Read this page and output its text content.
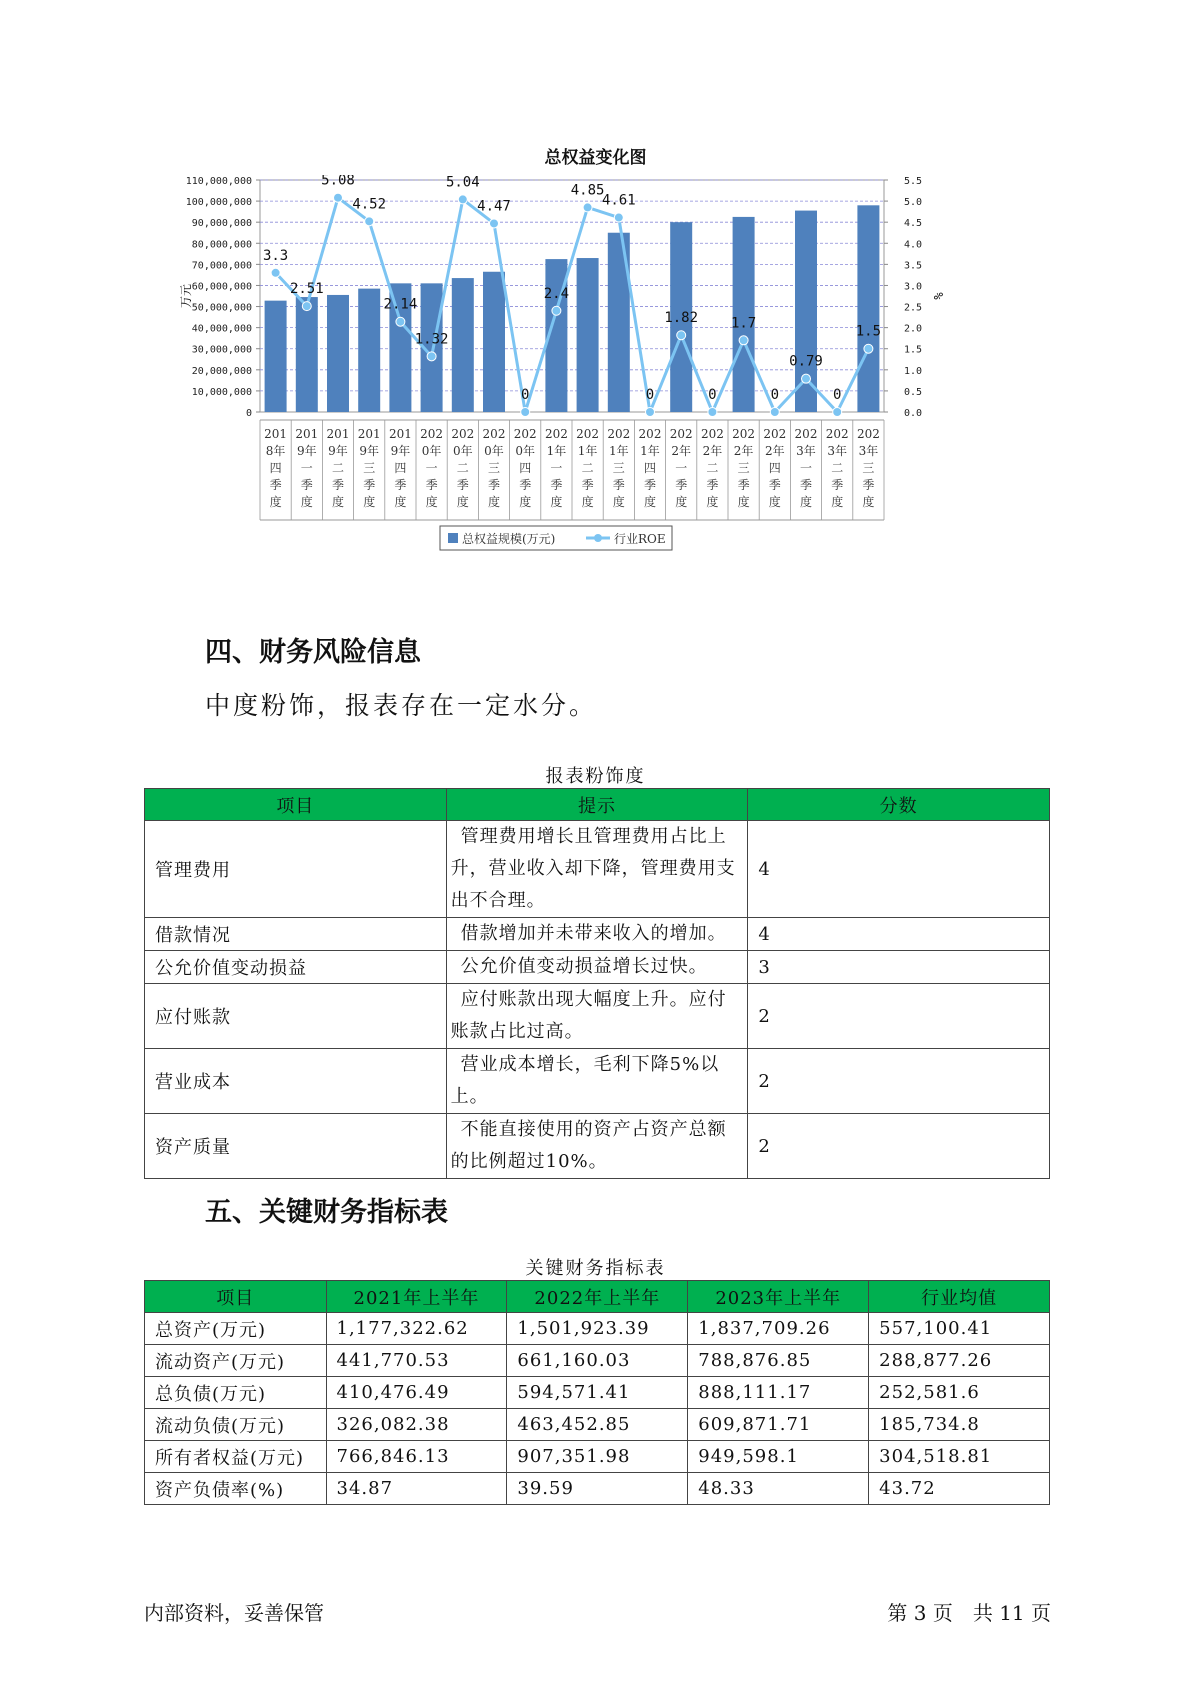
总权益变化图
110,000,000
100,000,000
90,000,000
80,000,000
70,000,000
60,000,000
50,000,000
40,000,000
30,000,000
20,000,000
10,000,000
0
5.5
5.0
4.5
4.0
3.5
3.0
2.5
2.0
1.5
1.0
0.5
0.0
万元	%
201
8年
四
季
度
201
9年
一
季
度
201
9年
二
季
度
201
9年
三
季
度
201
9年
四
季
度
202
0年
一
季
度
202
0年
二
季
度
202
0年
三
季
度
202
0年
四
季
度
202
1年
一
季
度
202
1年
二
季
度
202
1年
三
季
度
202
1年
四
季
度
202
2年
一
季
度
202
2年
二
季
度
202
2年
三
季
度
202
2年
四
季
度
202
3年
一
季
度
202
3年
二
季
度
202
3年
三
季
度
3.3
2.51
5.08
4.52
2.14
1.32
5.04
4.47
0
2.4
4.85
4.61
0
1.82
0
1.7
0
0.79
0
1.5
总权益规模(万元)	行业ROE
四、财务风险信息
中度粉饰，报表存在一定水分。
报表粉饰度
项目	提示	分数
管理费用	管理费用增长且管理费用占比上升，营业收入却下降，管理费用支出不合理。	4
借款情况	借款增加并未带来收入的增加。	4
公允价值变动损益	公允价值变动损益增长过快。	3
应付账款	应付账款出现大幅度上升。应付账款占比过高。	2
营业成本	营业成本增长，毛利下降5%以上。	2
资产质量	不能直接使用的资产占资产总额的比例超过10%。	2
五、关键财务指标表
关键财务指标表
项目	2021年上半年	2022年上半年	2023年上半年	行业均值
总资产(万元)	1,177,322.62	1,501,923.39	1,837,709.26	557,100.41
流动资产(万元)	441,770.53	661,160.03	788,876.85	288,877.26
总负债(万元)	410,476.49	594,571.41	888,111.17	252,581.6
流动负债(万元)	326,082.38	463,452.85	609,871.71	185,734.8
所有者权益(万元)	766,846.13	907,351.98	949,598.1	304,518.81
资产负债率(%)	34.87	39.59	48.33	43.72
内部资料，妥善保管	第 3 页　共 11 页
